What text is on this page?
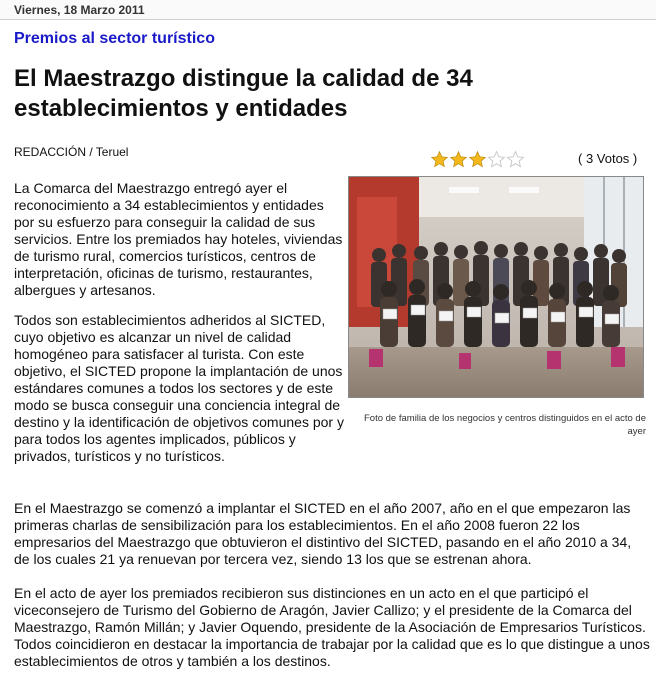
Viernes, 18 Marzo 2011
Premios al sector turístico
El Maestrazgo distingue la calidad de 34
establecimientos y entidades
REDACCIÓN / Teruel	( 3 Votos )
Foto de familia de los negocios y centros distinguidos en el acto de ayer
La Comarca del Maestrazgo entregó ayer el reconocimiento a 34 establecimientos y entidades por su esfuerzo para conseguir la calidad de sus servicios. Entre los premiados hay hoteles, viviendas de turismo rural, comercios turísticos, centros de interpretación, oficinas de turismo, restaurantes, albergues y artesanos.
Todos son establecimientos adheridos al SICTED, cuyo objetivo es alcanzar un nivel de calidad homogéneo para satisfacer al turista. Con este objetivo, el SICTED propone la implantación de unos estándares comunes a todos los sectores y de este modo se busca conseguir una conciencia integral de destino y la identificación de objetivos comunes por y para todos los agentes implicados, públicos y privados, turísticos y no turísticos.
En el Maestrazgo se comenzó a implantar el SICTED en el año 2007, año en el que empezaron las primeras charlas de sensibilización para los establecimientos. En el año 2008 fueron 22 los empresarios del Maestrazgo que obtuvieron el distintivo del SICTED, pasando en el año 2010 a 34, de los cuales 21 ya renuevan por tercera vez, siendo 13 los que se estrenan ahora.
En el acto de ayer los premiados recibieron sus distinciones en un acto en el que participó el viceconsejero de Turismo del Gobierno de Aragón, Javier Callizo; y el presidente de la Comarca del Maestrazgo, Ramón Millán; y Javier Oquendo, presidente de la Asociación de Empresarios Turísticos. Todos coincidieron en destacar la importancia de trabajar por la calidad que es lo que distingue a unos establecimientos de otros y también a los destinos.
